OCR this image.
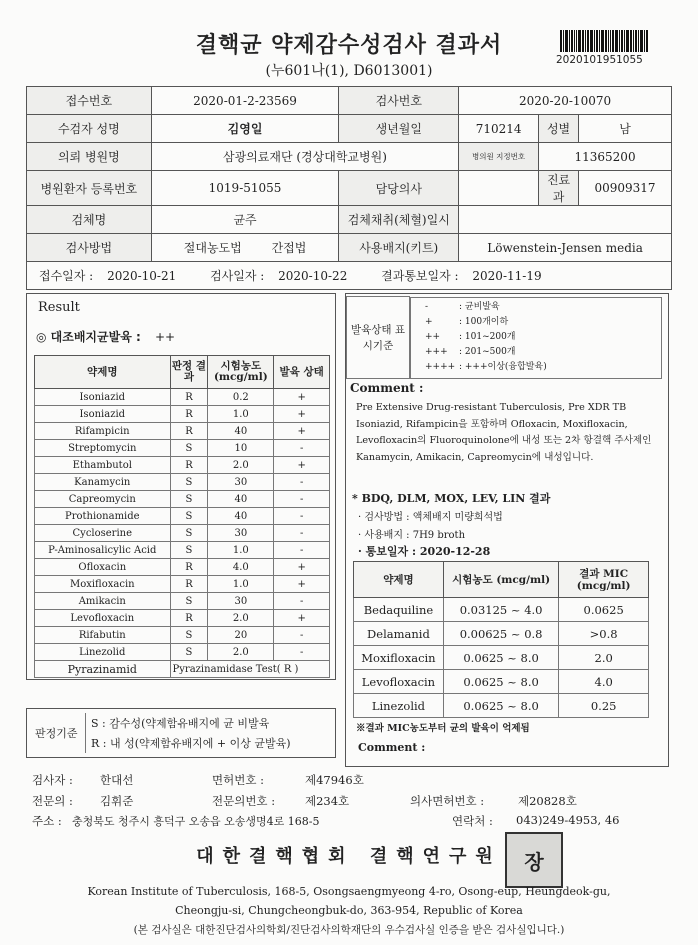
결핵균 약제감수성검사 결과서
(누601나(1), D6013001)
2020101951055
접수번호	2020-01-2-23569	검사번호	2020-20-10070		
수검자 성명	김영일	생년월일	710214	성별	남
의뢰 병원명	삼광의료재단 (경상대학교병원)		병의원 지정번호	11365200	
병원환자 등록번호	1019-51055	담당의사		진료과	00909317
검체명	균주	검체채취(체혈)일시			
검사방법	절대농도법 간접법	사용배지(키트)	Löwenstein-Jensen media		
접수일자 : 2020-10-21 검사일자 : 2020-10-22 결과통보일자 : 2020-11-19					
Result
◎ 대조배지균발육 : ++
약제명	판정 결과	시험농도 (mcg/ml)	발육 상태
Isoniazid	R	0.2	+
Isoniazid	R	1.0	+
Rifampicin	R	40	+
Streptomycin	S	10	-
Ethambutol	R	2.0	+
Kanamycin	S	30	-
Capreomycin	S	40	-
Prothionamide	S	40	-
Cycloserine	S	30	-
P-Aminosalicylic Acid	S	1.0	-
Ofloxacin	R	4.0	+
Moxifloxacin	R	1.0	+
Amikacin	S	30	-
Levofloxacin	R	2.0	+
Rifabutin	S	20	-
Linezolid	S	2.0	-
Pyrazinamid	Pyrazinamidase Test( R )		
판정기준
S : 감수성(약제함유배지에 균 비발육
R : 내 성(약제함유배지에 + 이상 균발육)
발육상태 표시기준	
-	: 균비발육
+	: 100개이하
++ : 101~200개
+++ : 201~500개
++++ : +++이상(융합발육)
Comment :
Pre Extensive Drug-resistant Tuberculosis, Pre XDR TB
Isoniazid, Rifampicin을 포함하며 Ofloxacin, Moxifloxacin, Levofloxacin의 Fluoroquinolone에 내성 또는 2차 항결핵 주사제인 Kanamycin, Amikacin, Capreomycin에 내성입니다.
* BDQ, DLM, MOX, LEV, LIN 결과
· 검사방법 : 액체배지 미량희석법
· 사용배지 : 7H9 broth
· 통보일자 : 2020-12-28
약제명	시험농도 (mcg/ml)	결과 MIC (mcg/ml)
Bedaquiline	0.03125 ~ 4.0	0.0625
Delamanid	0.00625 ~ 0.8	>0.8
Moxifloxacin	0.0625 ~ 8.0	2.0
Levofloxacin	0.0625 ~ 8.0	4.0
Linezolid	0.0625 ~ 8.0	0.25
※결과 MIC농도부터 균의 발육이 억제됨
Comment :
검사자 : 한대선	면허번호 :	제47946호
전문의 : 김휘준	전문의번호 :	제234호	의사면허번호 :	제20828호
주소 : 충청북도 청주시 흥덕구 오송읍 오송생명4로 168-5	연락처 : 043)249-4953, 46
대한결핵협회 결핵연구원	장
Korean Institute of Tuberculosis, 168-5, Osongsaengmyeong 4-ro, Osong-eup, Heungdeok-gu,
Cheongju-si, Chungcheongbuk-do, 363-954, Republic of Korea
(본 검사실은 대한진단검사의학회/진단검사의학재단의 우수검사실 인증을 받은 검사실입니다.)
